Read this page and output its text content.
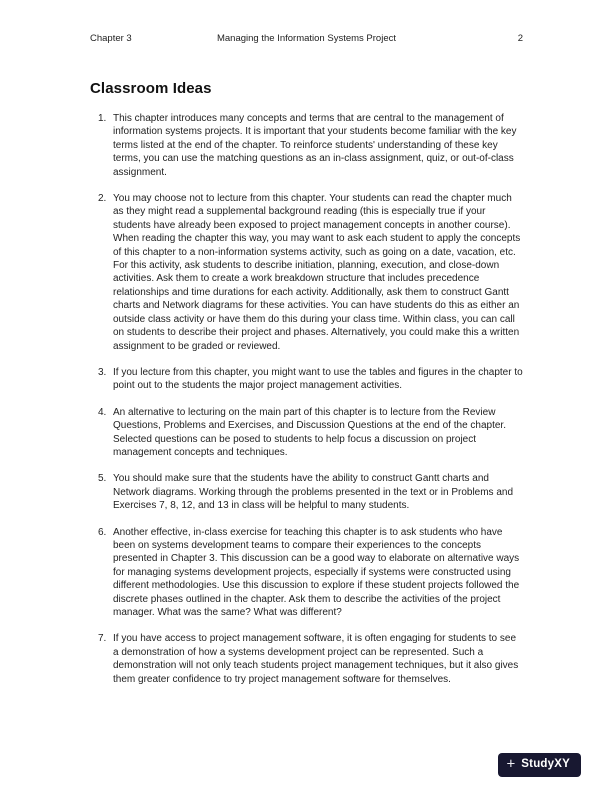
Chapter 3	Managing the Information Systems Project	2
Classroom Ideas
1. This chapter introduces many concepts and terms that are central to the management of information systems projects. It is important that your students become familiar with the key terms listed at the end of the chapter. To reinforce students' understanding of these key terms, you can use the matching questions as an in-class assignment, quiz, or out-of-class assignment.
2. You may choose not to lecture from this chapter. Your students can read the chapter much as they might read a supplemental background reading (this is especially true if your students have already been exposed to project management concepts in another course). When reading the chapter this way, you may want to ask each student to apply the concepts of this chapter to a non-information systems activity, such as going on a date, vacation, etc. For this activity, ask students to describe initiation, planning, execution, and close-down activities. Ask them to create a work breakdown structure that includes precedence relationships and time durations for each activity. Additionally, ask them to construct Gantt charts and Network diagrams for these activities. You can have students do this as either an outside class activity or have them do this during your class time. Within class, you can call on students to describe their project and phases. Alternatively, you could make this a written assignment to be graded or reviewed.
3. If you lecture from this chapter, you might want to use the tables and figures in the chapter to point out to the students the major project management activities.
4. An alternative to lecturing on the main part of this chapter is to lecture from the Review Questions, Problems and Exercises, and Discussion Questions at the end of the chapter. Selected questions can be posed to students to help focus a discussion on project management concepts and techniques.
5. You should make sure that the students have the ability to construct Gantt charts and Network diagrams. Working through the problems presented in the text or in Problems and Exercises 7, 8, 12, and 13 in class will be helpful to many students.
6. Another effective, in-class exercise for teaching this chapter is to ask students who have been on systems development teams to compare their experiences to the concepts presented in Chapter 3. This discussion can be a good way to elaborate on alternative ways for managing systems development projects, especially if systems were constructed using different methodologies. Use this discussion to explore if these student projects followed the discrete phases outlined in the chapter. Ask them to describe the activities of the project manager. What was the same? What was different?
7. If you have access to project management software, it is often engaging for students to see a demonstration of how a systems development project can be represented. Such a demonstration will not only teach students project management techniques, but it also gives them greater confidence to try project management software for themselves.
+ StudyXY
